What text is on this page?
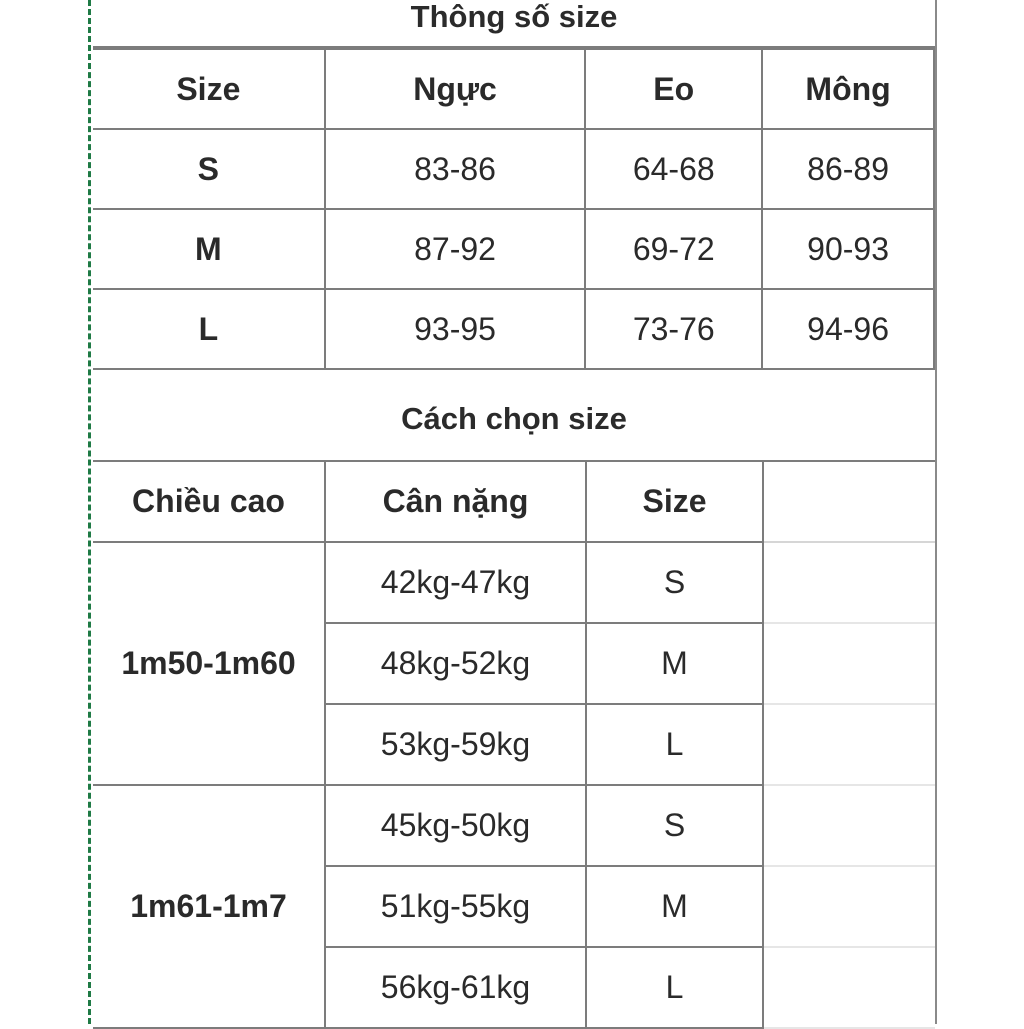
Thông số size
Size	Ngực	Eo	Mông
S	83-86	64-68	86-89
M	87-92	69-72	90-93
L	93-95	73-76	94-96
Cách chọn size
Chiều cao	Cân nặng	Size	
1m50-1m60	42kg-47kg	S	
	48kg-52kg	M	
	53kg-59kg	L	
1m61-1m7	45kg-50kg	S	
	51kg-55kg	M	
	56kg-61kg	L	
